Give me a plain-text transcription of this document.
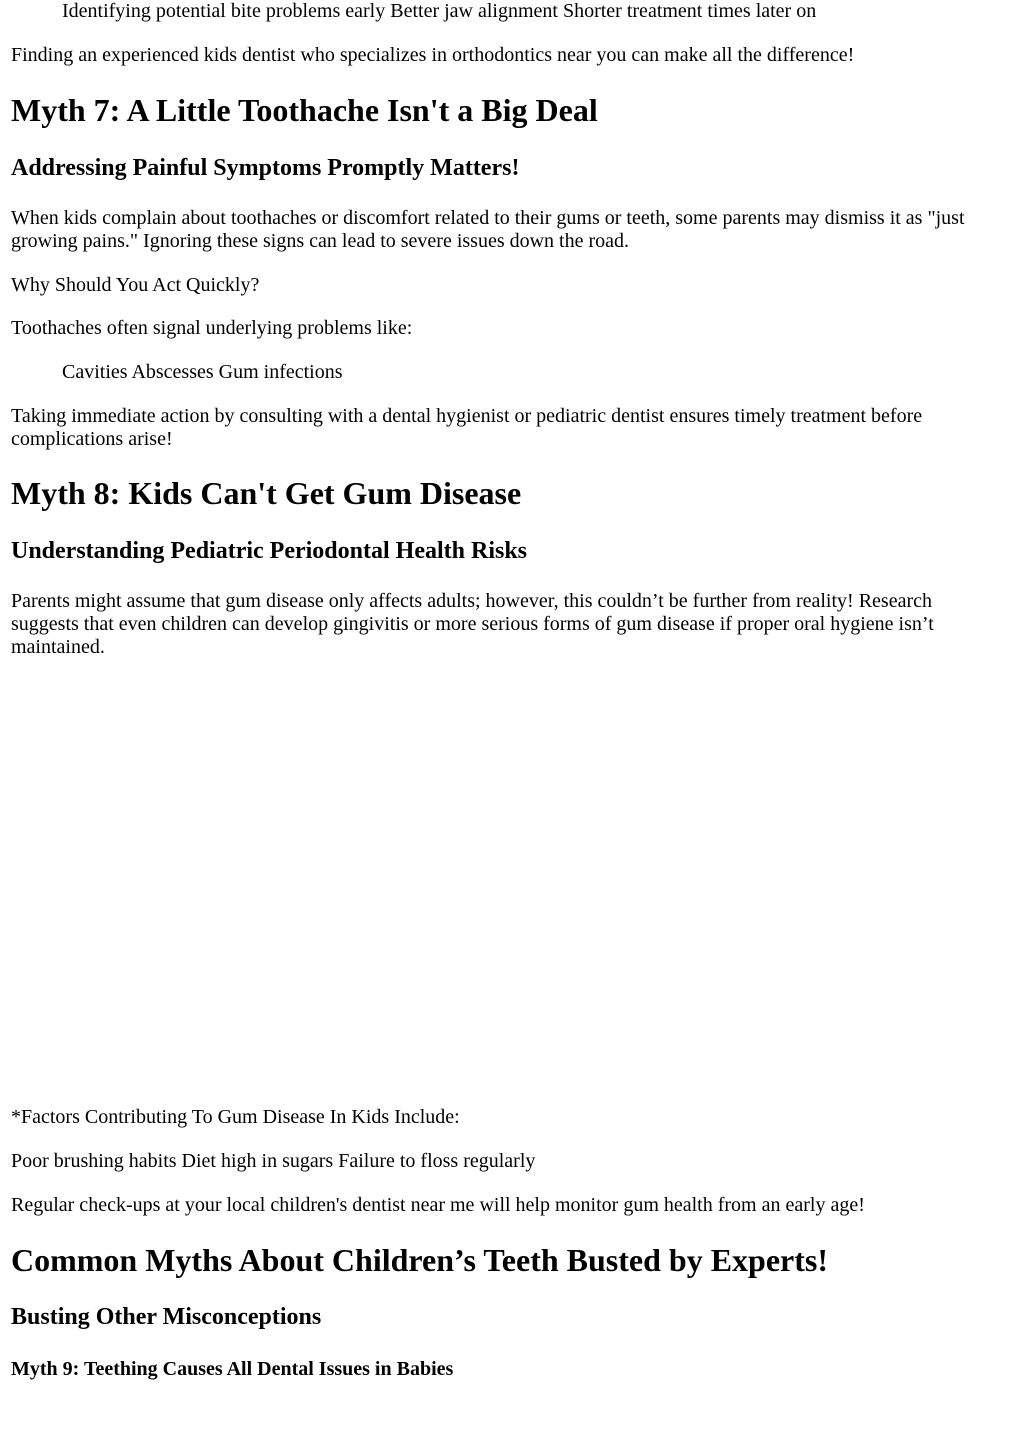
Identifying potential bite problems early Better jaw alignment Shorter treatment times later on

Finding an experienced kids dentist who specializes in orthodontics near you can make all the difference!

Myth 7: A Little Toothache Isn't a Big Deal
Addressing Painful Symptoms Promptly Matters!

When kids complain about toothaches or discomfort related to their gums or teeth, some parents may dismiss it as "just growing pains." Ignoring these signs can lead to severe issues down the road.

Why Should You Act Quickly?

Toothaches often signal underlying problems like:

Cavities Abscesses Gum infections

Taking immediate action by consulting with a dental hygienist or pediatric dentist ensures timely treatment before complications arise!

Myth 8: Kids Can't Get Gum Disease
Understanding Pediatric Periodontal Health Risks

Parents might assume that gum disease only affects adults; however, this couldn’t be further from reality! Research suggests that even children can develop gingivitis or more serious forms of gum disease if proper oral hygiene isn’t maintained.

*Factors Contributing To Gum Disease In Kids Include:

Poor brushing habits Diet high in sugars Failure to floss regularly

Regular check-ups at your local children's dentist near me will help monitor gum health from an early age!

Common Myths About Children’s Teeth Busted by Experts!
Busting Other Misconceptions
Myth 9: Teething Causes All Dental Issues in Babies
